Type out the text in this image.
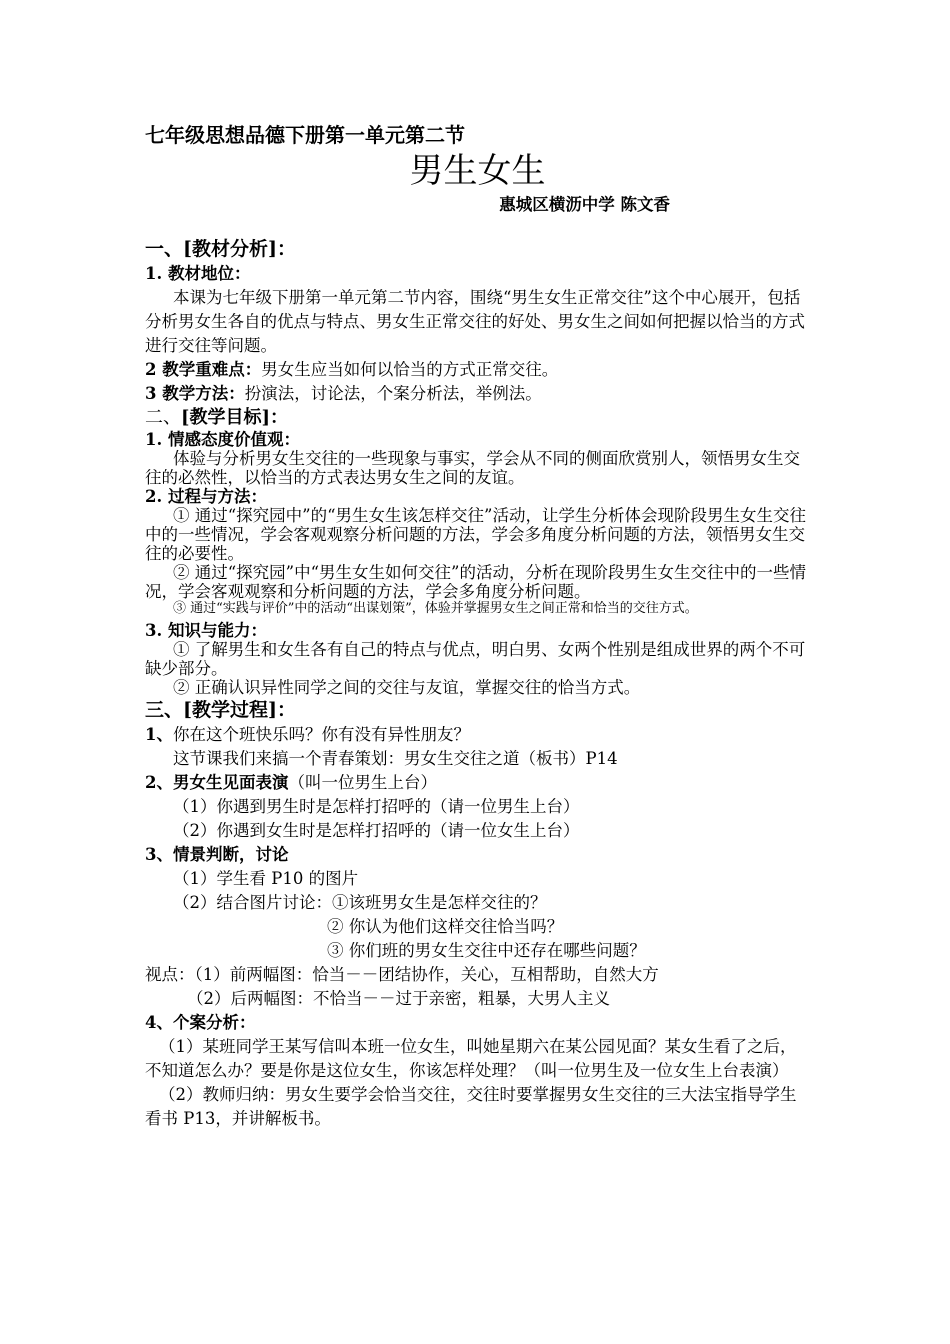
七年级思想品德下册第一单元第二节
男生女生
惠城区横沥中学 陈文香
一、[教材分析]：
1. 教材地位：
本课为七年级下册第一单元第二节内容，围绕“男生女生正常交往”这个中心展开，包括分析男女生各自的优点与特点、男女生正常交往的好处、男女生之间如何把握以恰当的方式进行交往等问题。
2 教学重难点：男女生应当如何以恰当的方式正常交往。
3 教学方法：扮演法，讨论法，个案分析法，举例法。
二、[教学目标]：
1. 情感态度价值观：
体验与分析男女生交往的一些现象与事实，学会从不同的侧面欣赏别人，领悟男女生交往的必然性，以恰当的方式表达男女生之间的友谊。
2. 过程与方法：
① 通过“探究园中”的“男生女生该怎样交往”活动，让学生分析体会现阶段男生女生交往中的一些情况，学会客观观察分析问题的方法，学会多角度分析问题的方法，领悟男女生交往的必要性。
② 通过“探究园”中“男生女生如何交往”的活动，分析在现阶段男生女生交往中的一些情况，学会客观观察和分析问题的方法，学会多角度分析问题。
③ 通过“实践与评价”中的活动“出谋划策”，体验并掌握男女生之间正常和恰当的交往方式。
3. 知识与能力：
① 了解男生和女生各有自己的特点与优点，明白男、女两个性别是组成世界的两个不可缺少部分。
② 正确认识异性同学之间的交往与友谊，掌握交往的恰当方式。
三、[教学过程]：
1、你在这个班快乐吗？你有没有异性朋友？
这节课我们来搞一个青春策划：男女生交往之道（板书）P14
2、男女生见面表演（叫一位男生上台）
（1）你遇到男生时是怎样打招呼的（请一位男生上台）
（2）你遇到女生时是怎样打招呼的（请一位女生上台）
3、情景判断，讨论
（1）学生看 P10 的图片
（2）结合图片讨论：①该班男女生是怎样交往的？
② 你认为他们这样交往恰当吗？
③ 你们班的男女生交往中还存在哪些问题？
视点：（1）前两幅图：恰当－－团结协作，关心，互相帮助，自然大方
（2）后两幅图：不恰当－－过于亲密，粗暴，大男人主义
4、个案分析：
（1）某班同学王某写信叫本班一位女生，叫她星期六在某公园见面？某女生看了之后，不知道怎么办？要是你是这位女生，你该怎样处理？（叫一位男生及一位女生上台表演）
（2）教师归纳：男女生要学会恰当交往，交往时要掌握男女生交往的三大法宝指导学生看书 P13，并讲解板书。
